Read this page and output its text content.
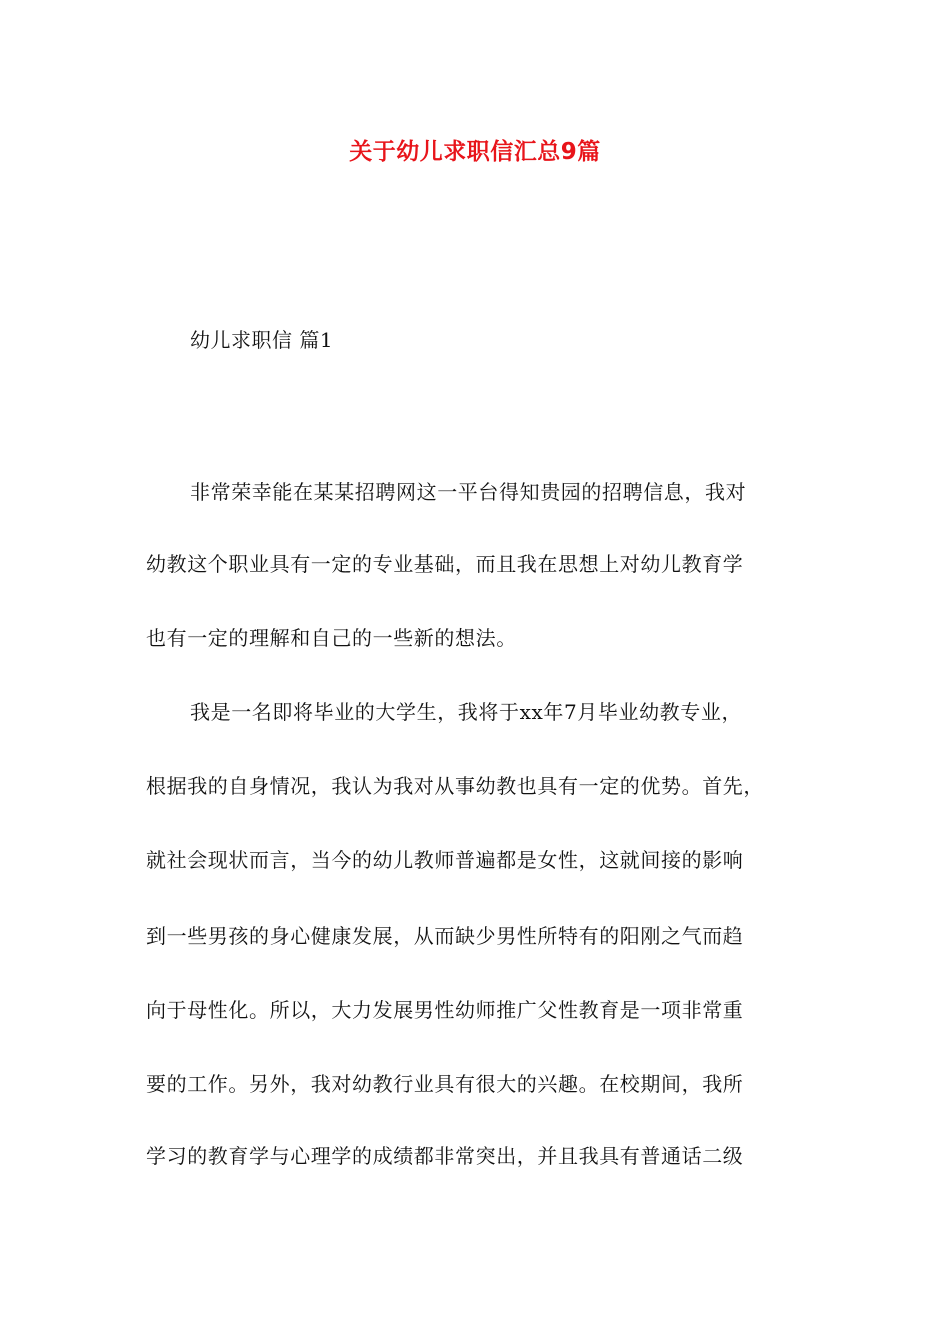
关于幼儿求职信汇总9篇
幼儿求职信 篇1
非常荣幸能在某某招聘网这一平台得知贵园的招聘信息，我对
幼教这个职业具有一定的专业基础，而且我在思想上对幼儿教育学
也有一定的理解和自己的一些新的想法。
我是一名即将毕业的大学生，我将于xx年7月毕业幼教专业，
根据我的自身情况，我认为我对从事幼教也具有一定的优势。首先，
就社会现状而言，当今的幼儿教师普遍都是女性，这就间接的影响
到一些男孩的身心健康发展，从而缺少男性所特有的阳刚之气而趋
向于母性化。所以，大力发展男性幼师推广父性教育是一项非常重
要的工作。另外，我对幼教行业具有很大的兴趣。在校期间，我所
学习的教育学与心理学的成绩都非常突出，并且我具有普通话二级
